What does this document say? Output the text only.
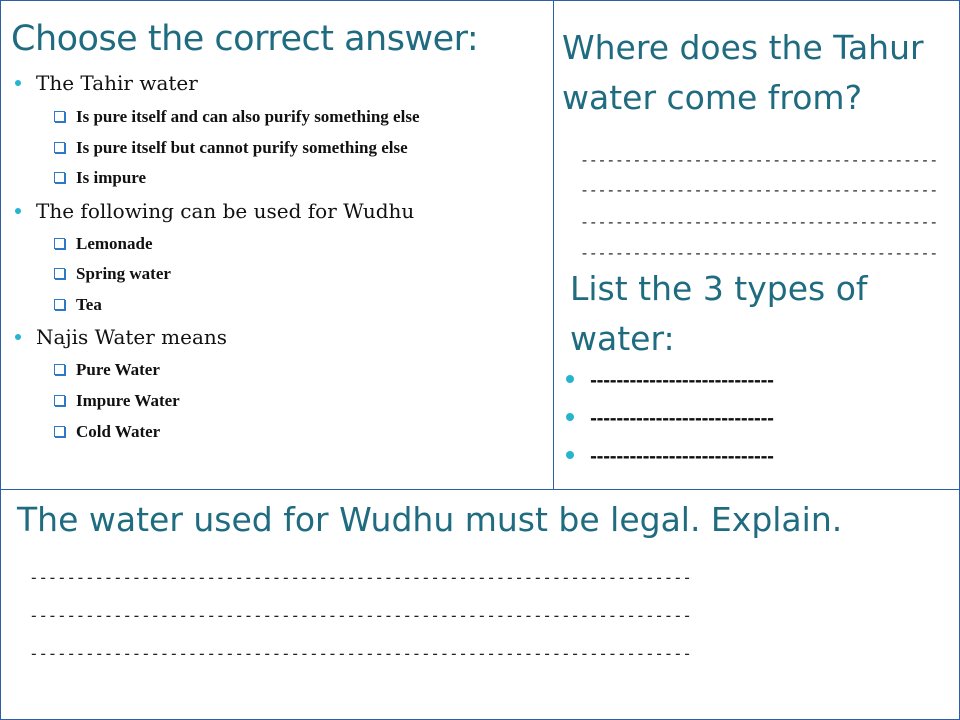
Choose the correct answer:
The Tahir water
Is pure itself and can also purify something else
Is pure itself but cannot purify something else
Is impure
The following can be used for Wudhu
Lemonade
Spring water
Tea
Najis Water means
Pure Water
Impure Water
Cold Water
Where does the Tahur water come from?
-----------------------------------------
-----------------------------------------
-----------------------------------------
-----------------------------------------
List the 3 types of water:
----------------------------
----------------------------
----------------------------
The water used for Wudhu must be legal. Explain.
-----------------------------------------------------------------------
-----------------------------------------------------------------------
-----------------------------------------------------------------------
